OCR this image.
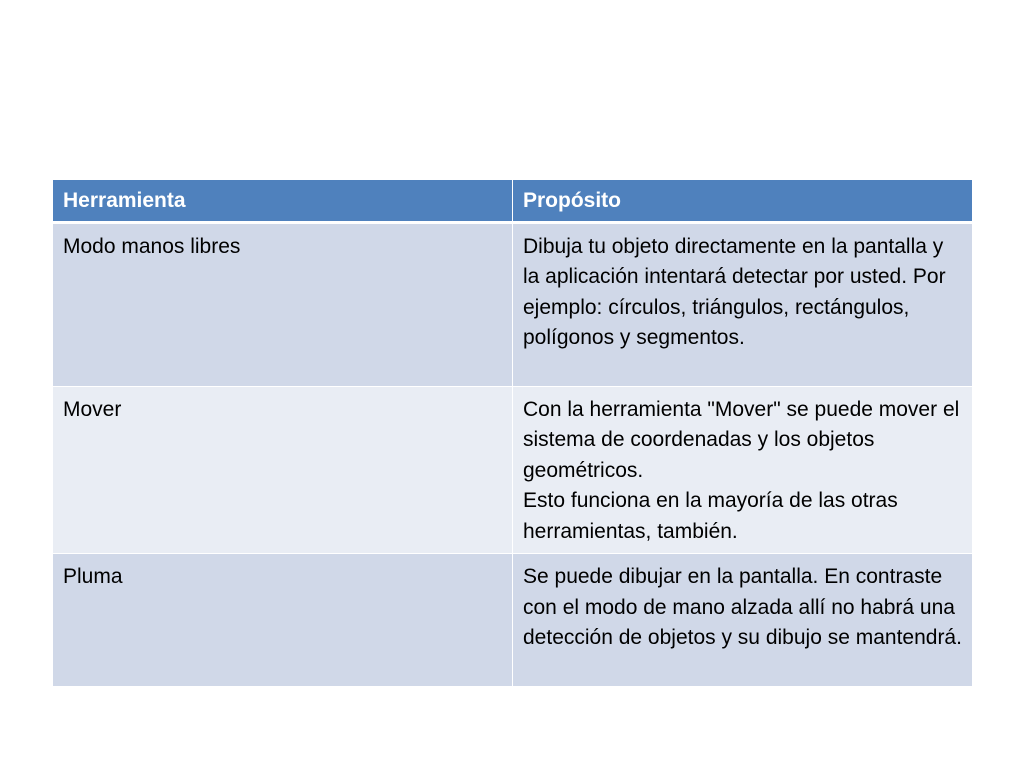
Herramienta	Propósito
Modo manos libres	Dibuja tu objeto directamente en la pantalla y la aplicación intentará detectar por usted. Por ejemplo: círculos, triángulos, rectángulos, polígonos y segmentos.

Mover	Con la herramienta "Mover" se puede mover el sistema de coordenadas y los objetos geométricos.
Esto funciona en la mayoría de las otras herramientas, también.

Pluma	Se puede dibujar en la pantalla. En contraste con el modo de mano alzada allí no habrá una detección de objetos y su dibujo se mantendrá.
